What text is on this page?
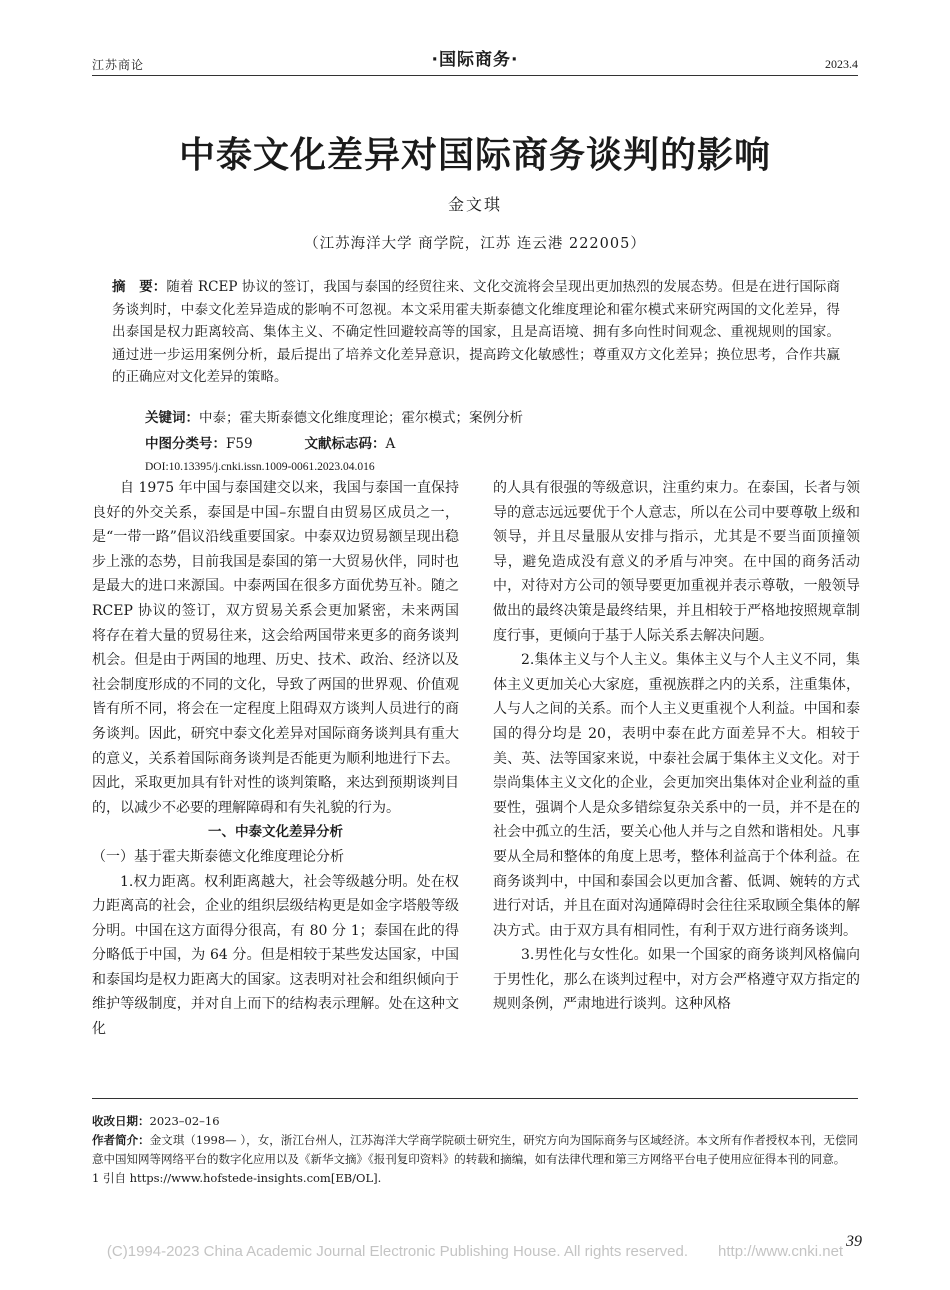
江苏商论	·国际商务·	2023.4
中泰文化差异对国际商务谈判的影响
金文琪
（江苏海洋大学 商学院，江苏 连云港 222005）
摘　要：随着 RCEP 协议的签订，我国与泰国的经贸往来、文化交流将会呈现出更加热烈的发展态势。但是在进行国际商务谈判时，中泰文化差异造成的影响不可忽视。本文采用霍夫斯泰德文化维度理论和霍尔模式来研究两国的文化差异，得出泰国是权力距离较高、集体主义、不确定性回避较高等的国家，且是高语境、拥有多向性时间观念、重视规则的国家。通过进一步运用案例分析，最后提出了培养文化差异意识，提高跨文化敏感性；尊重双方文化差异；换位思考，合作共赢的正确应对文化差异的策略。
关键词：中泰；霍夫斯泰德文化维度理论；霍尔模式；案例分析
中图分类号：F59	文献标志码：A
DOI:10.13395/j.cnki.issn.1009-0061.2023.04.016

自 1975 年中国与泰国建交以来，我国与泰国一直保持良好的外交关系，泰国是中国–东盟自由贸易区成员之一，是“一带一路”倡议沿线重要国家。中泰双边贸易额呈现出稳步上涨的态势，目前我国是泰国的第一大贸易伙伴，同时也是最大的进口来源国。中泰两国在很多方面优势互补。随之 RCEP 协议的签订，双方贸易关系会更加紧密，未来两国将存在着大量的贸易往来，这会给两国带来更多的商务谈判机会。但是由于两国的地理、历史、技术、政治、经济以及社会制度形成的不同的文化，导致了两国的世界观、价值观皆有所不同，将会在一定程度上阻碍双方谈判人员进行的商务谈判。因此，研究中泰文化差异对国际商务谈判具有重大的意义，关系着国际商务谈判是否能更为顺利地进行下去。因此，采取更加具有针对性的谈判策略，来达到预期谈判目的，以减少不必要的理解障碍和有失礼貌的行为。

一、中泰文化差异分析

（一）基于霍夫斯泰德文化维度理论分析

1.权力距离。权利距离越大，社会等级越分明。处在权力距离高的社会，企业的组织层级结构更是如金字塔般等级分明。中国在这方面得分很高，有 80 分 1；泰国在此的得分略低于中国，为 64 分。但是相较于某些发达国家，中国和泰国均是权力距离大的国家。这表明对社会和组织倾向于维护等级制度，并对自上而下的结构表示理解。处在这种文化

的人具有很强的等级意识，注重约束力。在泰国，长者与领导的意志远远要优于个人意志，所以在公司中要尊敬上级和领导，并且尽量服从安排与指示，尤其是不要当面顶撞领导，避免造成没有意义的矛盾与冲突。在中国的商务活动中，对待对方公司的领导要更加重视并表示尊敬，一般领导做出的最终决策是最终结果，并且相较于严格地按照规章制度行事，更倾向于基于人际关系去解决问题。

2.集体主义与个人主义。集体主义与个人主义不同，集体主义更加关心大家庭，重视族群之内的关系，注重集体，人与人之间的关系。而个人主义更重视个人利益。中国和泰国的得分均是 20，表明中泰在此方面差异不大。相较于美、英、法等国家来说，中泰社会属于集体主义文化。对于崇尚集体主义文化的企业，会更加突出集体对企业利益的重要性，强调个人是众多错综复杂关系中的一员，并不是在的社会中孤立的生活，要关心他人并与之自然和谐相处。凡事要从全局和整体的角度上思考，整体利益高于个体利益。在商务谈判中，中国和泰国会以更加含蓄、低调、婉转的方式进行对话，并且在面对沟通障碍时会往往采取顾全集体的解决方式。由于双方具有相同性，有利于双方进行商务谈判。

3.男性化与女性化。如果一个国家的商务谈判风格偏向于男性化，那么在谈判过程中，对方会严格遵守双方指定的规则条例，严肃地进行谈判。这种风格

收改日期：2023–02–16
作者简介：金文琪（1998— ），女，浙江台州人，江苏海洋大学商学院硕士研究生，研究方向为国际商务与区域经济。本文所有作者授权本刊，无偿同意中国知网等网络平台的数字化应用以及《新华文摘》《报刊复印资料》的转载和摘编，如有法律代理和第三方网络平台电子使用应征得本刊的同意。
1 引自 https://www.hofstede-insights.com[EB/OL].
(C)1994-2023 China Academic Journal Electronic Publishing House. All rights reserved.　　http://www.cnki.net
39
